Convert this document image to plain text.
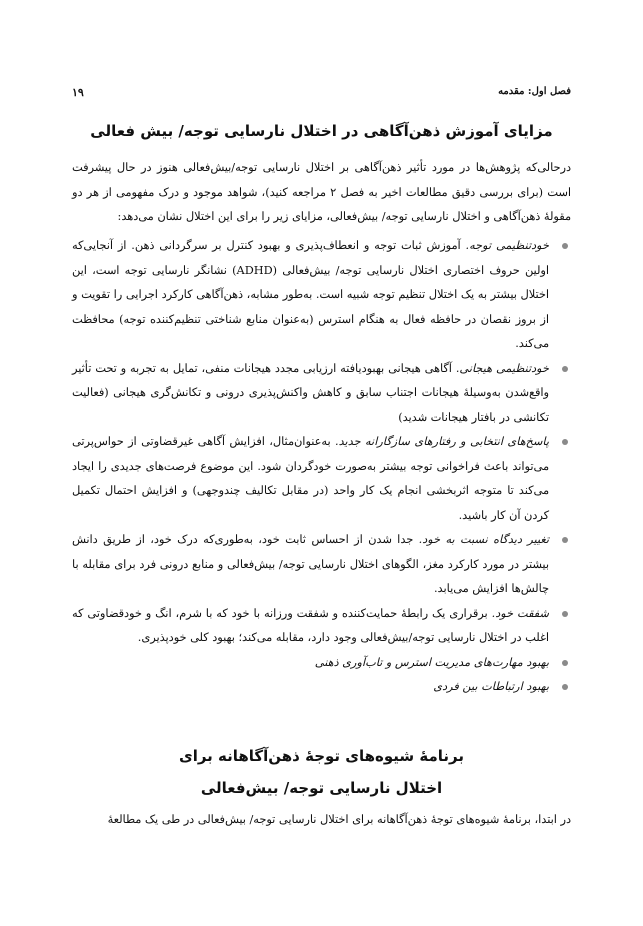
۱۹	فصل اول: مقدمه
مزایای آموزش ذهن‌آگاهی در اختلال نارسایی توجه/ بیش فعالی

درحالی‌که پژوهش‌ها در مورد تأثیر ذهن‌آگاهی بر اختلال نارسایی توجه/بیش‌فعالی هنوز در حال پیشرفت است (برای بررسی دقیق مطالعات اخیر به فصل ۲ مراجعه کنید)، شواهد موجود و درک مفهومی از هر دو مقولهٔ ذهن‌آگاهی و اختلال نارسایی توجه/ بیش‌فعالی، مزایای زیر را برای این اختلال نشان می‌دهد:

خودتنظیمی توجه. آموزش ثبات توجه و انعطاف‌پذیری و بهبود کنترل بر سرگردانی ذهن. از آنجایی‌که اولین حروف اختصاری اختلال نارسایی توجه/ بیش‌فعالی (ADHD) نشانگر نارسایی توجه است، این اختلال بیشتر به یک اختلال تنظیم توجه شبیه است. به‌طور مشابه، ذهن‌آگاهی کارکرد اجرایی را تقویت و از بروز نقصان در حافظه فعال به هنگام استرس (به‌عنوان منابع شناختی تنظیم‌کننده توجه) محافظت می‌کند.
خودتنظیمی هیجانی. آگاهی هیجانی بهبودیافته ارزیابی مجدد هیجانات منفی، تمایل به تجربه و تحت تأثیر واقع‌شدن به‌وسیلهٔ هیجانات اجتناب سابق و کاهش واکنش‌پذیری درونی و تکانش‌گری هیجانی (فعالیت تکانشی در بافتار هیجانات شدید)
پاسخ‌های انتخابی و رفتارهای سازگارانه جدید. به‌عنوان‌مثال، افزایش آگاهی غیرقضاوتی از حواس‌پرتی می‌تواند باعث فراخوانی توجه بیشتر به‌صورت خودگردان شود. این موضوع فرصت‌های جدیدی را ایجاد می‌کند تا متوجه اثربخشی انجام یک کار واحد (در مقابل تکالیف چندوجهی) و افزایش احتمال تکمیل کردن آن کار باشید.
تغییر دیدگاه نسبت به خود. جدا شدن از احساس ثابت خود، به‌طوری‌که درک خود، از طریق دانش بیشتر در مورد کارکرد مغز، الگوهای اختلال نارسایی توجه/ بیش‌فعالی و منابع درونی فرد برای مقابله با چالش‌ها افزایش می‌یابد.
شفقت خود. برقراری یک رابطهٔ حمایت‌کننده و شفقت ورزانه با خود که با شرم، انگ و خودقضاوتی که اغلب در اختلال نارسایی توجه/بیش‌فعالی وجود دارد، مقابله می‌کند؛ بهبود کلی خودپذیری.
بهبود مهارت‌های مدیریت استرس و تاب‌آوری ذهنی
بهبود ارتباطات بین فردی
برنامهٔ شیوه‌های توجهٔ ذهن‌آگاهانه برای
اختلال نارسایی توجه/ بیش‌فعالی

در ابتدا، برنامهٔ شیوه‌های توجهٔ ذهن‌آگاهانه برای اختلال نارسایی توجه/ بیش‌فعالی در طی یک مطالعهٔ
